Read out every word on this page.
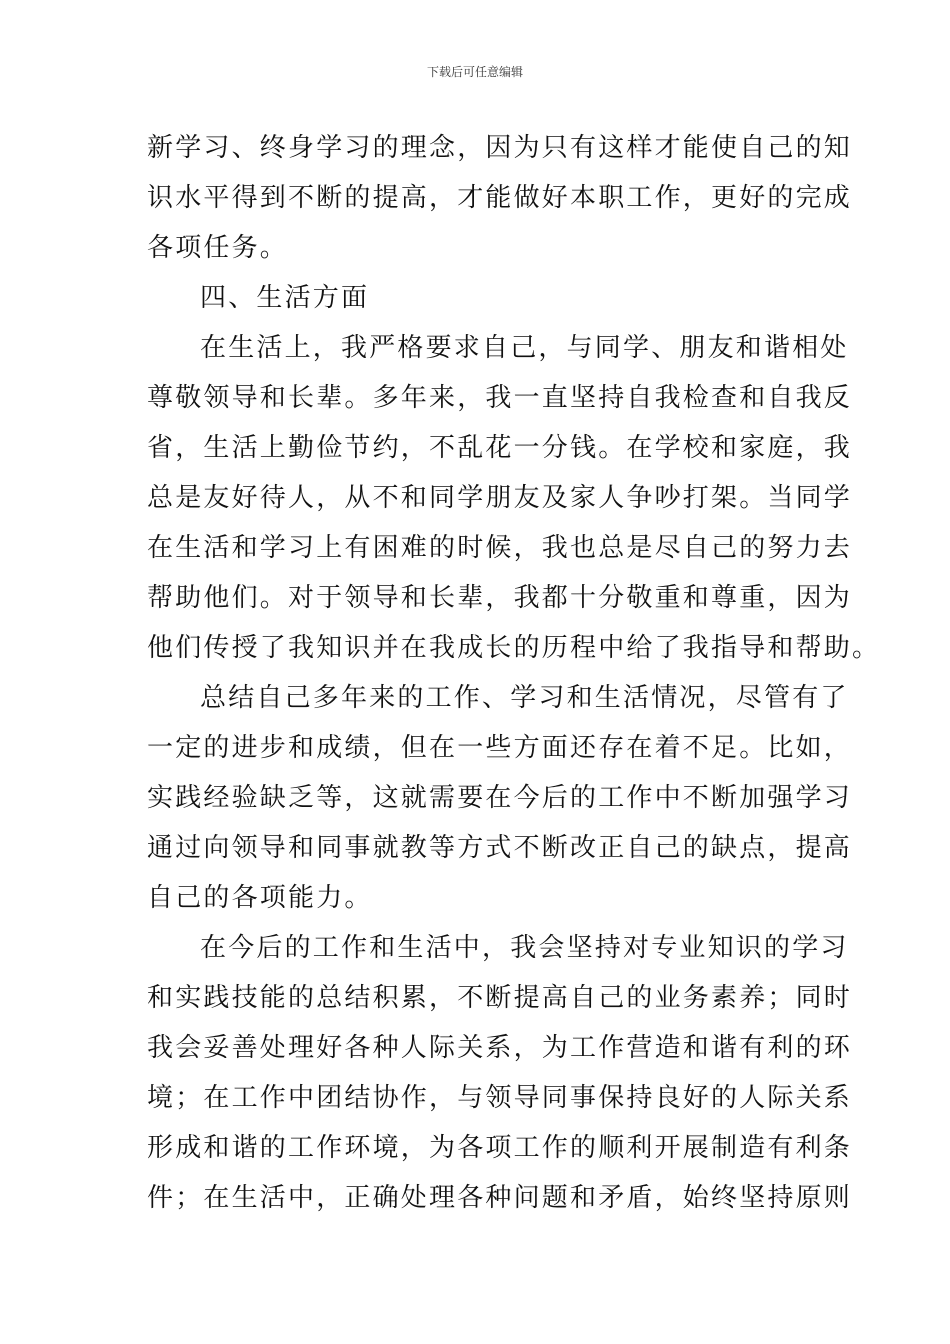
下载后可任意编辑
新学习、终身学习的理念，因为只有这样才能使自己的知
识水平得到不断的提高，才能做好本职工作，更好的完成
各项任务。
四、生活方面
在生活上，我严格要求自己，与同学、朋友和谐相处
尊敬领导和长辈。多年来，我一直坚持自我检查和自我反
省，生活上勤俭节约，不乱花一分钱。在学校和家庭，我
总是友好待人，从不和同学朋友及家人争吵打架。当同学
在生活和学习上有困难的时候，我也总是尽自己的努力去
帮助他们。对于领导和长辈，我都十分敬重和尊重，因为
他们传授了我知识并在我成长的历程中给了我指导和帮助。
总结自己多年来的工作、学习和生活情况，尽管有了
一定的进步和成绩，但在一些方面还存在着不足。比如，
实践经验缺乏等，这就需要在今后的工作中不断加强学习
通过向领导和同事就教等方式不断改正自己的缺点，提高
自己的各项能力。
在今后的工作和生活中，我会坚持对专业知识的学习
和实践技能的总结积累，不断提高自己的业务素养；同时
我会妥善处理好各种人际关系，为工作营造和谐有利的环
境；在工作中团结协作，与领导同事保持良好的人际关系
形成和谐的工作环境，为各项工作的顺利开展制造有利条
件；在生活中，正确处理各种问题和矛盾，始终坚持原则
